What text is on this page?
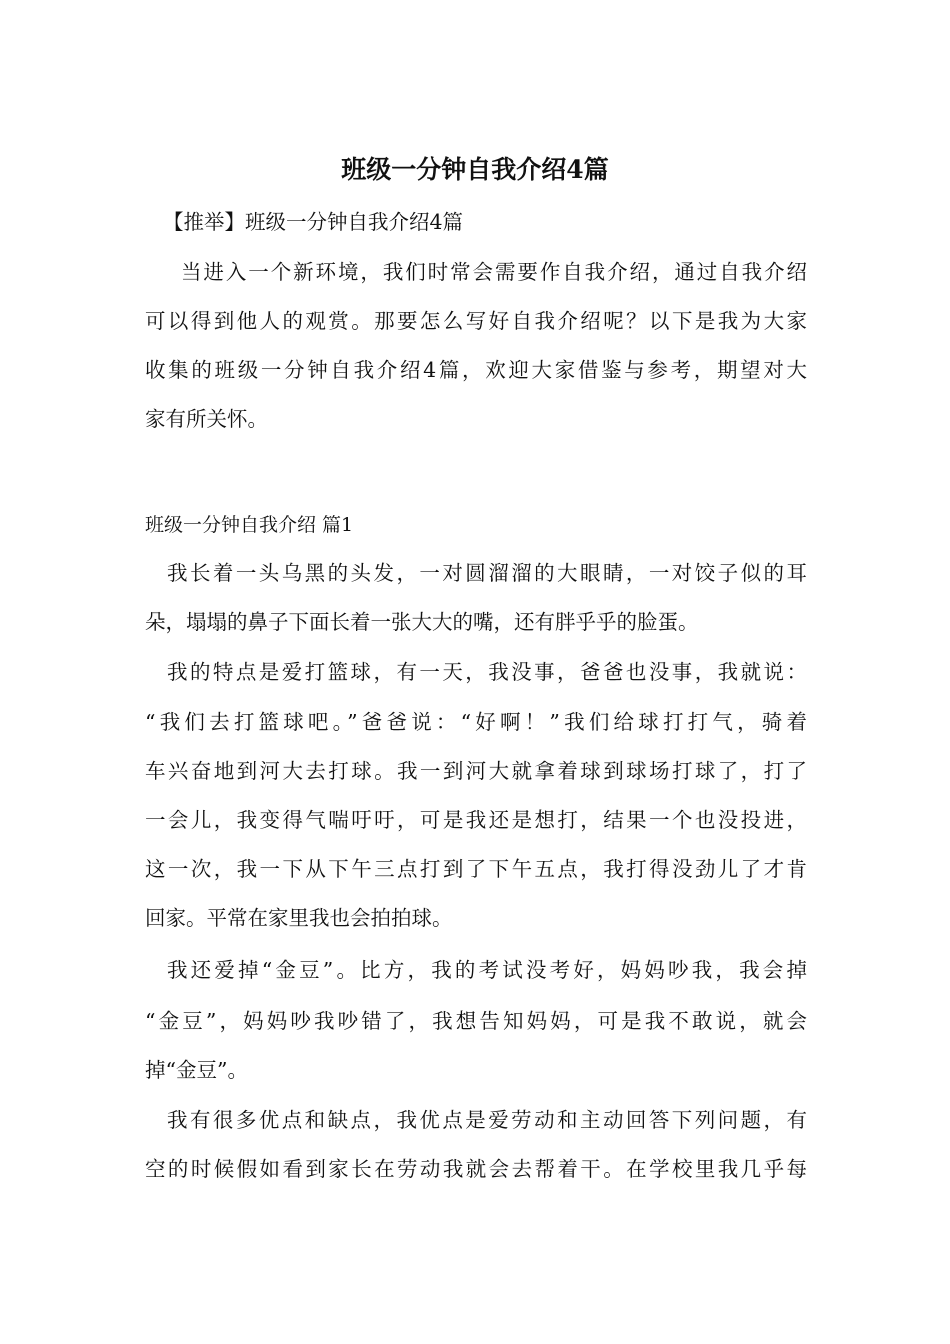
班级一分钟自我介绍4篇
【推举】班级一分钟自我介绍4篇
当进入一个新环境，我们时常会需要作自我介绍，通过自我介绍
可以得到他人的观赏。那要怎么写好自我介绍呢？以下是我为大家
收集的班级一分钟自我介绍4篇，欢迎大家借鉴与参考，期望对大
家有所关怀。
班级一分钟自我介绍 篇1
我长着一头乌黑的头发，一对圆溜溜的大眼睛，一对饺子似的耳
朵，塌塌的鼻子下面长着一张大大的嘴，还有胖乎乎的脸蛋。
我的特点是爱打篮球，有一天，我没事，爸爸也没事，我就说：
“我们去打篮球吧。”爸爸说：“好啊！”我们给球打打气，骑着
车兴奋地到河大去打球。我一到河大就拿着球到球场打球了，打了
一会儿，我变得气喘吁吁，可是我还是想打，结果一个也没投进，
这一次，我一下从下午三点打到了下午五点，我打得没劲儿了才肯
回家。平常在家里我也会拍拍球。
我还爱掉“金豆”。比方，我的考试没考好，妈妈吵我，我会掉
“金豆”，妈妈吵我吵错了，我想告知妈妈，可是我不敢说，就会
掉“金豆”。
我有很多优点和缺点，我优点是爱劳动和主动回答下列问题，有
空的时候假如看到家长在劳动我就会去帮着干。在学校里我几乎每
